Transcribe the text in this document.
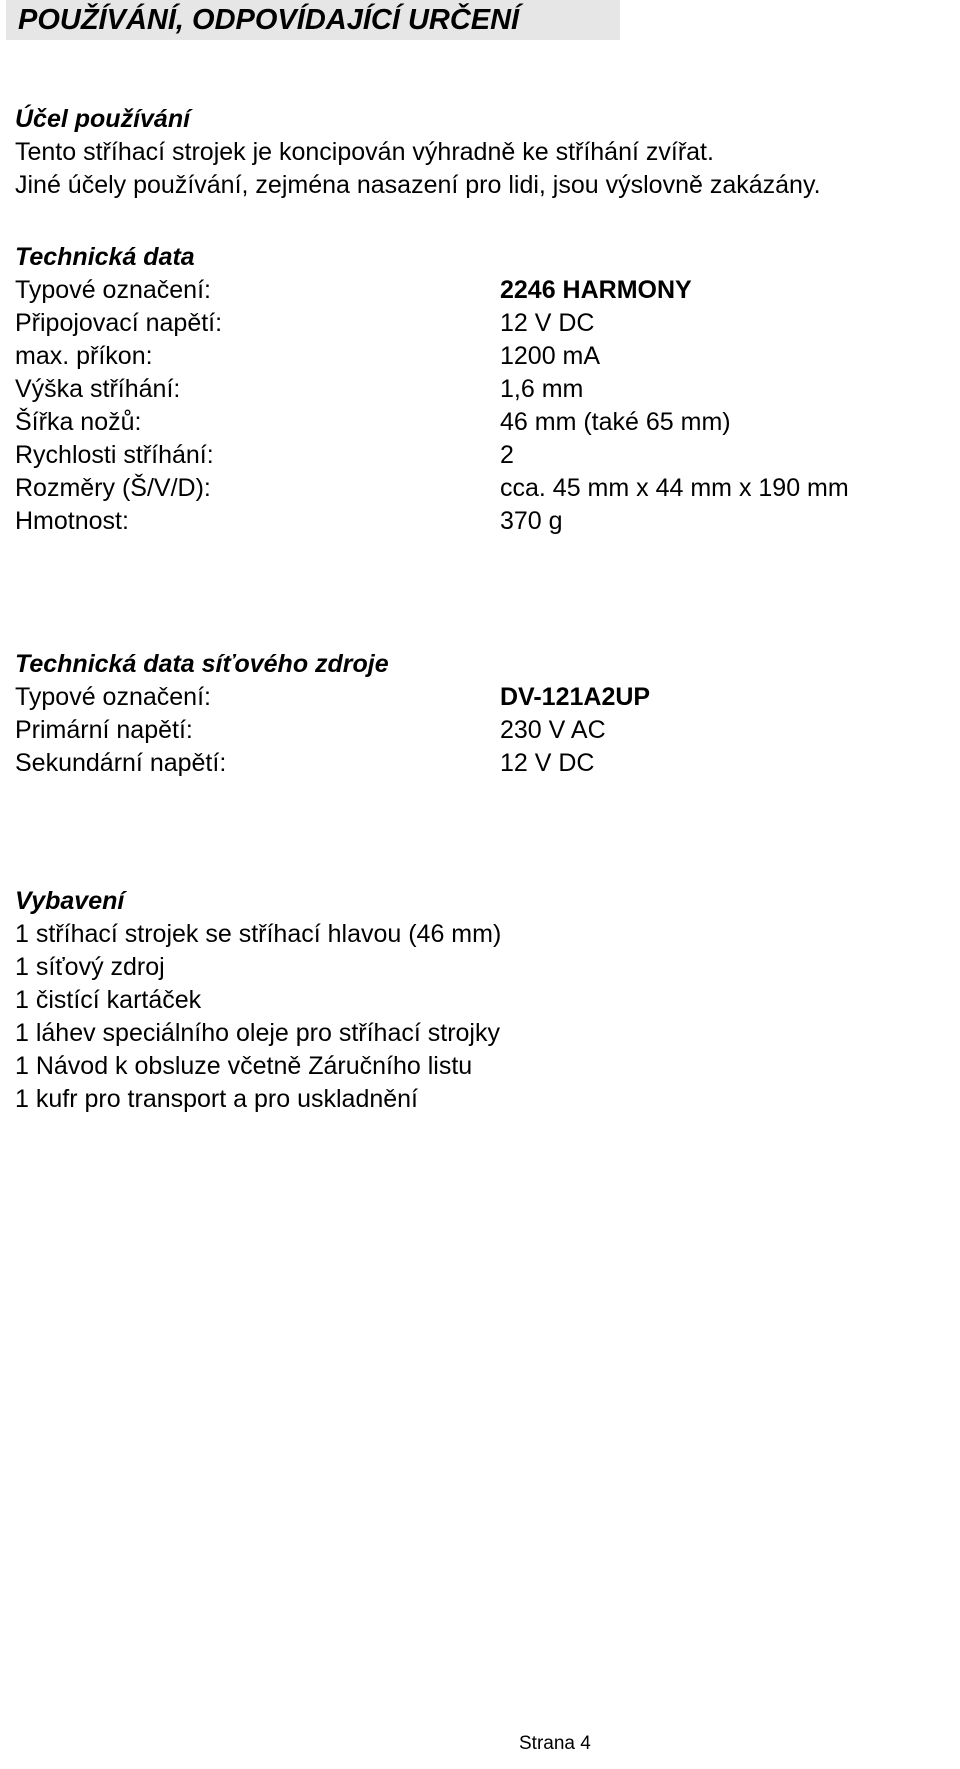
POUŽÍVÁNÍ, ODPOVÍDAJÍCÍ URČENÍ
Účel používání
Tento stříhací strojek je koncipován výhradně ke stříhání zvířat.
Jiné účely používání, zejména nasazení pro lidi, jsou výslovně zakázány.
Technická data
Typové označení:	2246 HARMONY
Připojovací napětí:	12 V DC
max. příkon:	1200 mA
Výška stříhání:	1,6 mm
Šířka nožů:	46 mm (také 65 mm)
Rychlosti stříhání:	2
Rozměry (Š/V/D):	cca. 45 mm x 44 mm x 190 mm
Hmotnost:	370 g
Technická data síťového zdroje
Typové označení:	DV-121A2UP
Primární napětí:	230 V AC
Sekundární napětí:	12 V DC
Vybavení
1 stříhací strojek se stříhací hlavou (46 mm)
1 síťový zdroj
1 čistící kartáček
1 láhev speciálního oleje pro stříhací strojky
1 Návod k obsluze včetně Záručního listu
1 kufr pro transport a pro uskladnění
Strana 4
